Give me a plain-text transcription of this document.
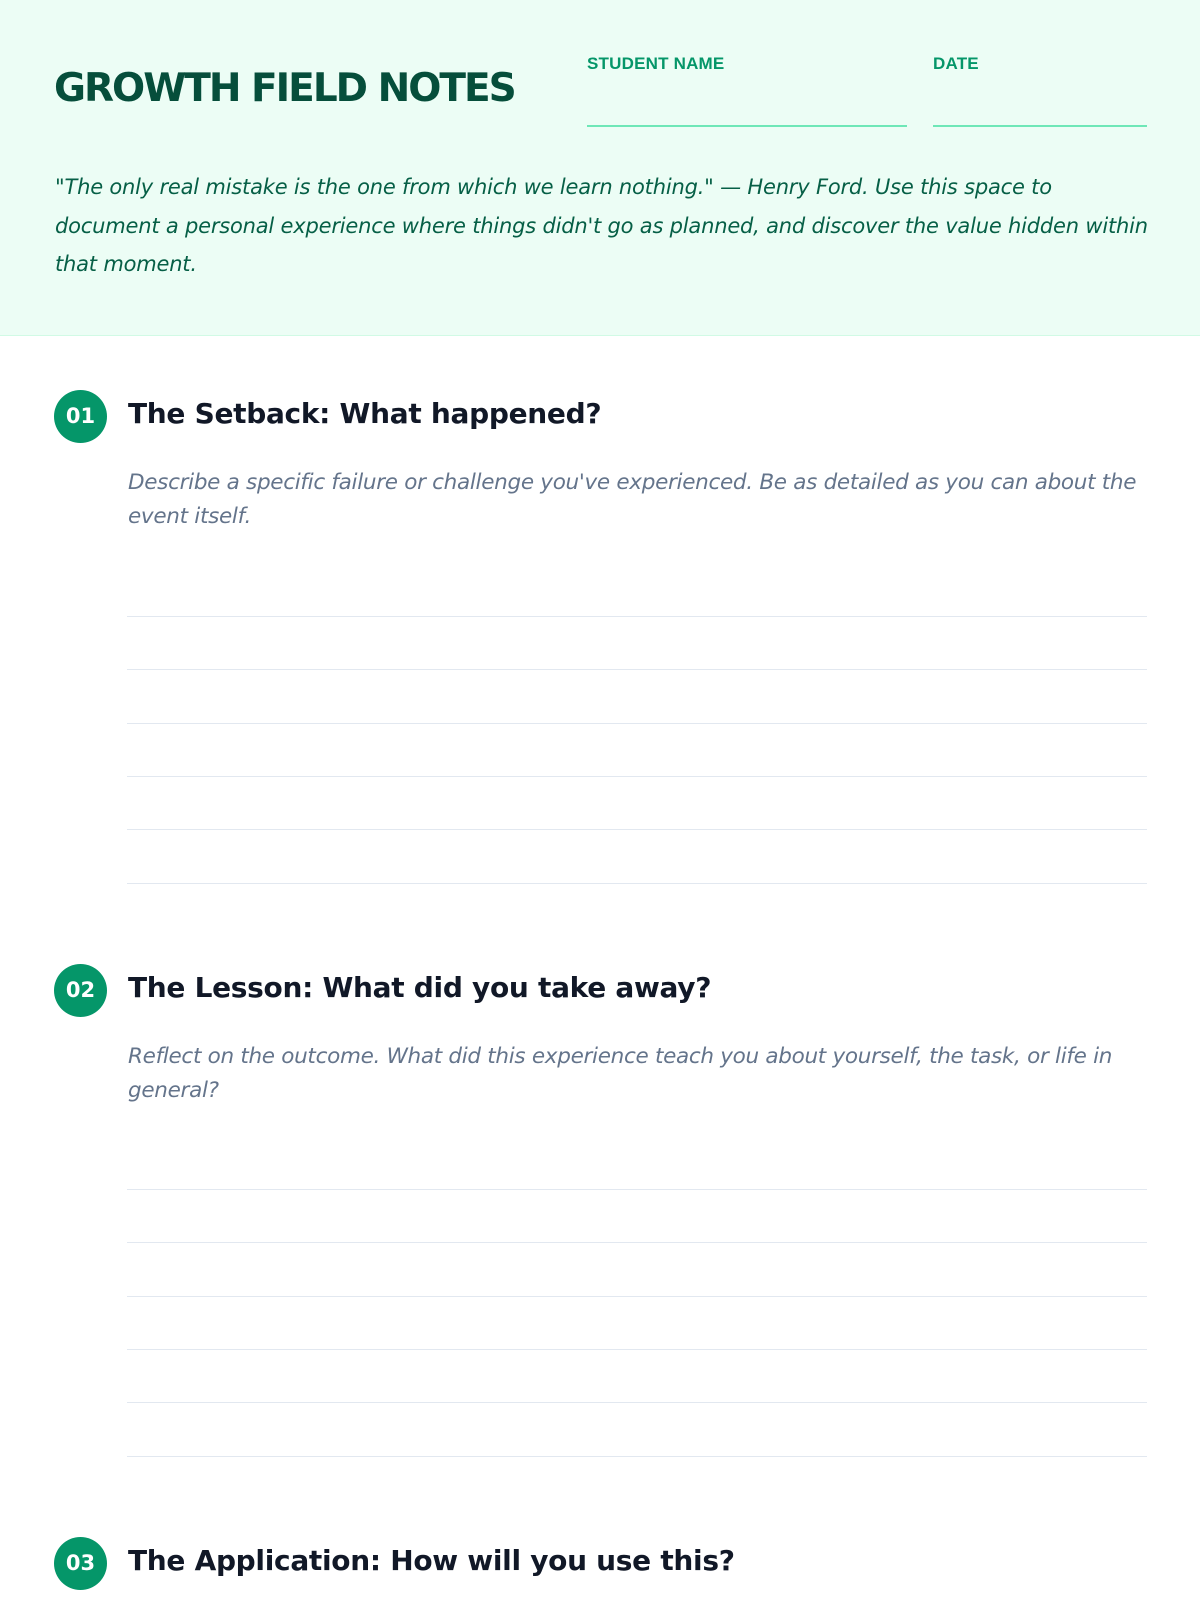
GROWTH FIELD NOTES
STUDENT NAME	DATE

"The only real mistake is the one from which we learn nothing." — Henry Ford. Use this space to document a personal experience where things didn't go as planned, and discover the value hidden within that moment.

01	The Setback: What happened?

Describe a specific failure or challenge you've experienced. Be as detailed as you can about the event itself.

02	The Lesson: What did you take away?

Reflect on the outcome. What did this experience teach you about yourself, the task, or life in general?

03	The Application: How will you use this?
